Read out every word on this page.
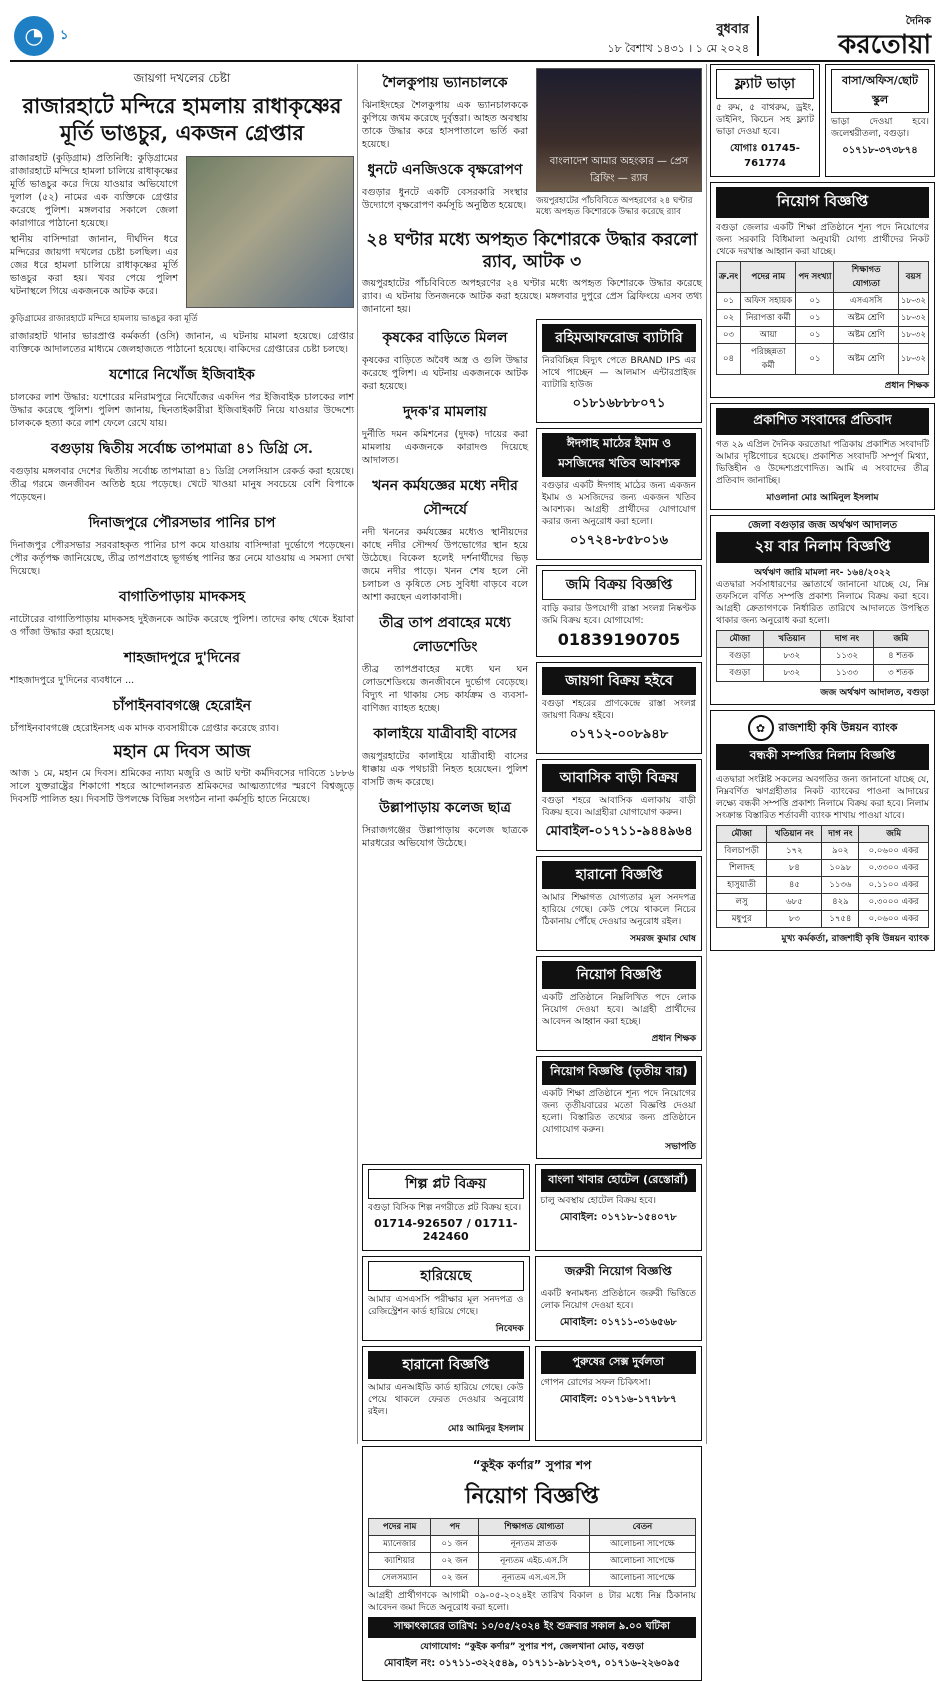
◔	১	বুধবার
১৮ বৈশাখ ১৪৩১ । ১ মে ২০২৪
দৈনিক
করতোয়া
জায়গা দখলের চেষ্টা
রাজারহাটে মন্দিরে হামলায় রাধাকৃষ্ণের মূর্তি ভাঙচুর, একজন গ্রেপ্তার

রাজারহাট (কুড়িগ্রাম) প্রতিনিধি: কুড়িগ্রামের রাজারহাটে মন্দিরে হামলা চালিয়ে রাধাকৃষ্ণের মূর্তি ভাঙচুর করে দিয়ে যাওয়ার অভিযোগে দুলাল (৫২) নামের এক ব্যক্তিকে গ্রেপ্তার করেছে পুলিশ। মঙ্গলবার সকালে জেলা কারাগারে পাঠানো হয়েছে।

স্থানীয় বাসিন্দারা জানান, দীর্ঘদিন ধরে মন্দিরের জায়গা দখলের চেষ্টা চলছিল। এর জের ধরে হামলা চালিয়ে রাধাকৃষ্ণের মূর্তি ভাঙচুর করা হয়। খবর পেয়ে পুলিশ ঘটনাস্থলে গিয়ে একজনকে আটক করে।

কুড়িগ্রামের রাজারহাটে মন্দিরে হামলায় ভাঙচুর করা মূর্তি

রাজারহাট থানার ভারপ্রাপ্ত কর্মকর্তা (ওসি) জানান, এ ঘটনায় মামলা হয়েছে। গ্রেপ্তার ব্যক্তিকে আদালতের মাধ্যমে জেলহাজতে পাঠানো হয়েছে। বাকিদের গ্রেপ্তারের চেষ্টা চলছে।

যশোরে নিখোঁজ ইজিবাইক

চালকের লাশ উদ্ধার: যশোরের মনিরামপুরে নিখোঁজের একদিন পর ইজিবাইক চালকের লাশ উদ্ধার করেছে পুলিশ। পুলিশ জানায়, ছিনতাইকারীরা ইজিবাইকটি নিয়ে যাওয়ার উদ্দেশ্যে চালককে হত্যা করে লাশ ফেলে রেখে যায়।

বগুড়ায় দ্বিতীয় সর্বোচ্চ তাপমাত্রা ৪১ ডিগ্রি সে.

বগুড়ায় মঙ্গলবার দেশের দ্বিতীয় সর্বোচ্চ তাপমাত্রা ৪১ ডিগ্রি সেলসিয়াস রেকর্ড করা হয়েছে। তীব্র গরমে জনজীবন অতিষ্ঠ হয়ে পড়েছে। খেটে খাওয়া মানুষ সবচেয়ে বেশি বিপাকে পড়েছেন।

দিনাজপুরে পৌরসভার পানির চাপ

দিনাজপুর পৌরসভার সরবরাহকৃত পানির চাপ কমে যাওয়ায় বাসিন্দারা দুর্ভোগে পড়েছেন। পৌর কর্তৃপক্ষ জানিয়েছে, তীব্র তাপপ্রবাহে ভূগর্ভস্থ পানির স্তর নেমে যাওয়ায় এ সমস্যা দেখা দিয়েছে।

বাগাতিপাড়ায় মাদকসহ

নাটোরের বাগাতিপাড়ায় মাদকসহ দুইজনকে আটক করেছে পুলিশ। তাদের কাছ থেকে ইয়াবা ও গাঁজা উদ্ধার করা হয়েছে।

শাহজাদপুরে দু'দিনের

শাহজাদপুরে দু'দিনের ব্যবধানে ...

চাঁপাইনবাবগঞ্জে হেরোইন

চাঁপাইনবাবগঞ্জে হেরোইনসহ এক মাদক ব্যবসায়ীকে গ্রেপ্তার করেছে র‌্যাব।

মহান মে দিবস আজ

আজ ১ মে, মহান মে দিবস। শ্রমিকের ন্যায্য মজুরি ও আট ঘণ্টা কর্মদিবসের দাবিতে ১৮৮৬ সালে যুক্তরাষ্ট্রের শিকাগো শহরে আন্দোলনরত শ্রমিকদের আত্মত্যাগের স্মরণে বিশ্বজুড়ে দিবসটি পালিত হয়। দিবসটি উপলক্ষে বিভিন্ন সংগঠন নানা কর্মসূচি হাতে নিয়েছে।

শৈলকুপায় ভ্যানচালকে

ঝিনাইদহের শৈলকুপায় এক ভ্যানচালককে কুপিয়ে জখম করেছে দুর্বৃত্তরা। আহত অবস্থায় তাকে উদ্ধার করে হাসপাতালে ভর্তি করা হয়েছে।

ধুনটে এনজিওকে বৃক্ষরোপণ

বগুড়ার ধুনটে একটি বেসরকারি সংস্থার উদ্যোগে বৃক্ষরোপণ কর্মসূচি অনুষ্ঠিত হয়েছে।

বাংলাদেশ আমার অহংকার — প্রেস ব্রিফিং — র‌্যাব
জয়পুরহাটের পাঁচবিবিতে অপহরণের ২৪ ঘণ্টার মধ্যে অপহৃত কিশোরকে উদ্ধার করেছে র‌্যাব
২৪ ঘণ্টার মধ্যে অপহৃত কিশোরকে উদ্ধার করলো র‌্যাব, আটক ৩

জয়পুরহাটের পাঁচবিবিতে অপহরণের ২৪ ঘণ্টার মধ্যে অপহৃত কিশোরকে উদ্ধার করেছে র‌্যাব। এ ঘটনায় তিনজনকে আটক করা হয়েছে। মঙ্গলবার দুপুরে প্রেস ব্রিফিংয়ে এসব তথ্য জানানো হয়।

কৃষকের বাড়িতে মিলল

কৃষকের বাড়িতে অবৈধ অস্ত্র ও গুলি উদ্ধার করেছে পুলিশ। এ ঘটনায় একজনকে আটক করা হয়েছে।

দুদক'র মামলায়

দুর্নীতি দমন কমিশনের (দুদক) দায়ের করা মামলায় একজনকে কারাদণ্ড দিয়েছে আদালত।

খনন কর্মযজ্ঞের মধ্যে নদীর সৌন্দর্যে

নদী খননের কর্মযজ্ঞের মধ্যেও স্থানীয়দের কাছে নদীর সৌন্দর্য উপভোগের স্থান হয়ে উঠেছে। বিকেল হলেই দর্শনার্থীদের ভিড় জমে নদীর পাড়ে। খনন শেষ হলে নৌ চলাচল ও কৃষিতে সেচ সুবিধা বাড়বে বলে আশা করছেন এলাকাবাসী।

তীব্র তাপ প্রবাহের মধ্যে লোডশেডিং

তীব্র তাপপ্রবাহের মধ্যে ঘন ঘন লোডশেডিংয়ে জনজীবনে দুর্ভোগ বেড়েছে। বিদ্যুৎ না থাকায় সেচ কার্যক্রম ও ব্যবসা-বাণিজ্য ব্যাহত হচ্ছে।

কালাইয়ে যাত্রীবাহী বাসের

জয়পুরহাটের কালাইয়ে যাত্রীবাহী বাসের ধাক্কায় এক পথচারী নিহত হয়েছেন। পুলিশ বাসটি জব্দ করেছে।

উল্লাপাড়ায় কলেজ ছাত্র

সিরাজগঞ্জের উল্লাপাড়ায় কলেজ ছাত্রকে মারধরের অভিযোগ উঠেছে।

রহিমআফরোজ ব্যাটারি
নিরবিচ্ছিন্ন বিদ্যুৎ পেতে BRAND IPS এর সাথে পাচ্ছেন — আলমাস এন্টারপ্রাইজ ব্যাটারি হাউজ
০১৮১৬৮৮৮০৭১
ঈদগাহ মাঠের ইমাম ও মসজিদের খতিব আবশ্যক
বগুড়ার একটি ঈদগাহ মাঠের জন্য একজন ইমাম ও মসজিদের জন্য একজন খতিব আবশ্যক। আগ্রহী প্রার্থীদের যোগাযোগ করার জন্য অনুরোধ করা হলো।
০১৭২৪-৮৫৮০১৬
জমি বিক্রয় বিজ্ঞপ্তি
বাড়ি করার উপযোগী রাস্তা সংলগ্ন নিষ্কণ্টক জমি বিক্রয় হবে। যোগাযোগ:
01839190705
জায়গা বিক্রয় হইবে
বগুড়া শহরের প্রাণকেন্দ্রে রাস্তা সংলগ্ন জায়গা বিক্রয় হইবে।
০১৭১২-০০৮৯৪৮
আবাসিক বাড়ী বিক্রয়
বগুড়া শহরে আবাসিক এলাকায় বাড়ী বিক্রয় হবে। আগ্রহীরা যোগাযোগ করুন।
মোবাইল-০১৭১১-৯৪৪৯৬৪
হারানো বিজ্ঞপ্তি
আমার শিক্ষাগত যোগ্যতার মূল সনদপত্র হারিয়ে গেছে। কেউ পেয়ে থাকলে নিচের ঠিকানায় পৌঁছে দেওয়ার অনুরোধ রইল।
সমরজ কুমার ঘোষ
নিয়োগ বিজ্ঞপ্তি
একটি প্রতিষ্ঠানে নিম্নলিখিত পদে লোক নিয়োগ দেওয়া হবে। আগ্রহী প্রার্থীদের আবেদন আহ্বান করা হচ্ছে।
প্রধান শিক্ষক
নিয়োগ বিজ্ঞপ্তি (তৃতীয় বার)
একটি শিক্ষা প্রতিষ্ঠানে শূন্য পদে নিয়োগের জন্য তৃতীয়বারের মতো বিজ্ঞপ্তি দেওয়া হলো। বিস্তারিত তথ্যের জন্য প্রতিষ্ঠানে যোগাযোগ করুন।
সভাপতি
শিল্প প্লট বিক্রয়
বগুড়া বিসিক শিল্প নগরীতে প্লট বিক্রয় হবে।
01714-926507 / 01711-242460
বাংলা খাবার হোটেল (রেস্তোরাঁ)
চালু অবস্থায় হোটেল বিক্রয় হবে।
মোবাইল: ০১৭১৮-১৫৪০৭৮
হারিয়েছে
আমার এসএসসি পরীক্ষার মূল সনদপত্র ও রেজিস্ট্রেশন কার্ড হারিয়ে গেছে।
নিবেদক
জরুরী নিয়োগ বিজ্ঞপ্তি
একটি স্বনামধন্য প্রতিষ্ঠানে জরুরী ভিত্তিতে লোক নিয়োগ দেওয়া হবে।
মোবাইল: ০১৭১১-৩১৬৫৬৮
হারানো বিজ্ঞপ্তি
আমার এনআইডি কার্ড হারিয়ে গেছে। কেউ পেয়ে থাকলে ফেরত দেওয়ার অনুরোধ রইল।
মোঃ আমিনুর ইসলাম
পুরুষের সেক্স দুর্বলতা
গোপন রোগের সফল চিকিৎসা।
মোবাইল: ০১৭১৬-১৭৭৮৮৭
“কুইক কর্ণার” সুপার শপ
নিয়োগ বিজ্ঞপ্তি
পদের নাম	পদ	শিক্ষাগত যোগ্যতা	বেতন
ম্যানেজার	০১ জন	নূন্যতম স্নাতক	আলোচনা সাপেক্ষে
ক্যাশিয়ার	০২ জন	নূন্যতম এইচ.এস.সি	আলোচনা সাপেক্ষে
সেলসম্যান	০২ জন	নূন্যতম এস.এস.সি	আলোচনা সাপেক্ষে
আগ্রহী প্রার্থীগণকে আগামী ০৯-০৫-২০২৪ইং তারিখ বিকাল ৪ টার মধ্যে নিম্ন ঠিকানায় আবেদন জমা দিতে অনুরোধ করা হলো।
সাক্ষাৎকারের তারিখ: ১০/০৫/২০২৪ ইং শুক্রবার সকাল ৯.০০ ঘটিকা
যোগাযোগ: “কুইক কর্ণার” সুপার শপ, জেলখানা মোড়, বগুড়া
মোবাইল নং: ০১৭১১-৩২২৫৪৯, ০১৭১১-৯৮১২৩৭, ০১৭১৬-২২৬০৯৫
ফ্ল্যাট ভাড়া
৫ রুম, ৫ বাথরুম, ড্রইং, ডাইনিং, কিচেন সহ ফ্ল্যাট ভাড়া দেওয়া হবে।
যোগাঃ 01745-761774
বাসা/অফিস/ছোট স্কুল
ভাড়া দেওয়া হবে। জলেশ্বরীতলা, বগুড়া।
০১৭১৮-৩৭৩৮৭৪
নিয়োগ বিজ্ঞপ্তি
বগুড়া জেলার একটি শিক্ষা প্রতিষ্ঠানে শূন্য পদে নিয়োগের জন্য সরকারি বিধিমালা অনুযায়ী যোগ্য প্রার্থীদের নিকট থেকে দরখাস্ত আহ্বান করা যাচ্ছে।
ক্র.নং	পদের নাম	পদ সংখ্যা	শিক্ষাগত যোগ্যতা	বয়স
০১	অফিস সহায়ক	০১	এসএসসি	১৮-৩২
০২	নিরাপত্তা কর্মী	০১	অষ্টম শ্রেণি	১৮-৩২
০৩	আয়া	০১	অষ্টম শ্রেণি	১৮-৩২
০৪	পরিচ্ছন্নতা কর্মী	০১	অষ্টম শ্রেণি	১৮-৩২
প্রধান শিক্ষক
প্রকাশিত সংবাদের প্রতিবাদ
গত ২৯ এপ্রিল দৈনিক করতোয়া পত্রিকায় প্রকাশিত সংবাদটি আমার দৃষ্টিগোচর হয়েছে। প্রকাশিত সংবাদটি সম্পূর্ণ মিথ্যা, ভিত্তিহীন ও উদ্দেশ্যপ্রণোদিত। আমি এ সংবাদের তীব্র প্রতিবাদ জানাচ্ছি।
মাওলানা মোঃ আমিনুল ইসলাম
জেলা বগুড়ার জজ অর্থঋণ আদালত
২য় বার নিলাম বিজ্ঞপ্তি
অর্থঋণ জারি মামলা নং- ১৬৪/২০২২
এতদ্বারা সর্বসাধারণের জ্ঞাতার্থে জানানো যাচ্ছে যে, নিম্ন তফসিলে বর্ণিত সম্পত্তি প্রকাশ্য নিলামে বিক্রয় করা হবে। আগ্রহী ক্রেতাগণকে নির্ধারিত তারিখে আদালতে উপস্থিত থাকার জন্য অনুরোধ করা হলো।
মৌজা	খতিয়ান	দাগ নং	জমি
বগুড়া	৮৩২	১১৩২	৪ শতক
বগুড়া	৮৩২	১১৩৩	৩ শতক
জজ অর্থঋণ আদালত, বগুড়া
✿	রাজশাহী কৃষি উন্নয়ন ব্যাংক
বন্ধকী সম্পত্তির নিলাম বিজ্ঞপ্তি
এতদ্বারা সংশ্লিষ্ট সকলের অবগতির জন্য জানানো যাচ্ছে যে, নিম্নবর্ণিত ঋণগ্রহীতার নিকট ব্যাংকের পাওনা আদায়ের লক্ষ্যে বন্ধকী সম্পত্তি প্রকাশ্য নিলামে বিক্রয় করা হবে। নিলাম সংক্রান্ত বিস্তারিত শর্তাবলী ব্যাংক শাখায় পাওয়া যাবে।
মৌজা	খতিয়ান নং	দাগ নং	জমি
বিলচাপড়ী	১৭২	৯০২	০.০৬০০ একর
শিলাদহ	৮৪	১০৯৮	০.৩৩০০ একর
হাসুয়াতী	৪৫	১১৩৬	০.১১০০ একর
লসু	৬৮৫	৪২৯	০.৩০০০ একর
মধুপুর	৮৩	১৭৫৪	০.০৬০০ একর
মুখ্য কর্মকর্তা, রাজশাহী কৃষি উন্নয়ন ব্যাংক
